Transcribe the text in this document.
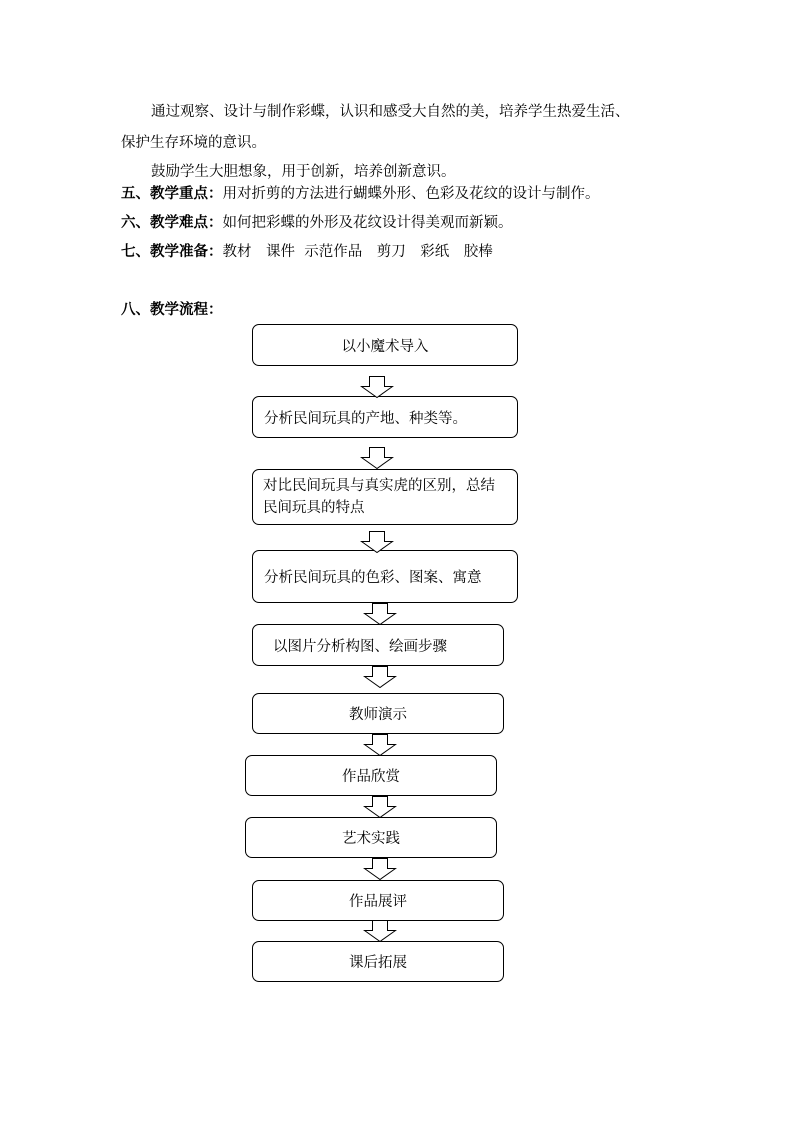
通过观察、设计与制作彩蝶，认识和感受大自然的美，培养学生热爱生活、
保护生存环境的意识。
鼓励学生大胆想象，用于创新，培养创新意识。
五、教学重点：用对折剪的方法进行蝴蝶外形、色彩及花纹的设计与制作。
六、教学难点：如何把彩蝶的外形及花纹设计得美观而新颖。
七、教学准备：教材　课件  示范作品　剪刀　彩纸　胶棒
八、教学流程：
以小魔术导入
分析民间玩具的产地、种类等。
对比民间玩具与真实虎的区别，总结民间玩具的特点
分析民间玩具的色彩、图案、寓意
以图片分析构图、绘画步骤
教师演示
作品欣赏
艺术实践
作品展评
课后拓展
